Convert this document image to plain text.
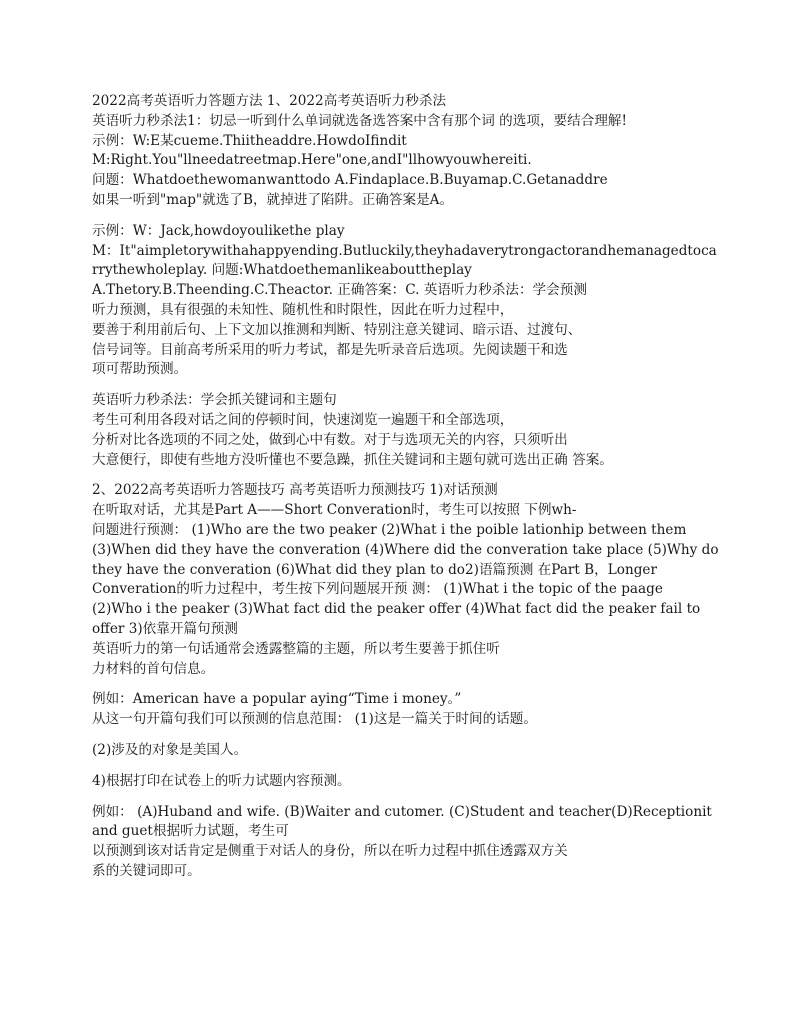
2022高考英语听力答题方法 1、2022高考英语听力秒杀法
英语听力秒杀法1：切忌一听到什么单词就选备选答案中含有那个词 的选项，要结合理解!
示例：W:E某cueme.Thiitheaddre.HowdoIfindit
M:Right.You"llneedatreetmap.Here"one,andI"llhowyouwhereiti.
问题：Whatdoethewomanwanttodo A.Findaplace.B.Buyamap.C.Getanaddre
如果一听到"map"就选了B，就掉进了陷阱。正确答案是A。
示例：W：Jack,howdoyoulikethe play
M：It"aimpletorywithahappyending.Butluckily,theyhadaverytrongactorandhemanagedtoca
rrythewholeplay. 问题:Whatdoethemanlikeabouttheplay
A.Thetory.B.Theending.C.Theactor. 正确答案：C. 英语听力秒杀法：学会预测
听力预测，具有很强的未知性、随机性和时限性，因此在听力过程中，
要善于利用前后句、上下文加以推测和判断、特别注意关键词、暗示语、过渡句、
信号词等。目前高考所采用的听力考试，都是先听录音后选项。先阅读题干和选
项可帮助预测。
英语听力秒杀法：学会抓关键词和主题句
考生可利用各段对话之间的停顿时间，快速浏览一遍题干和全部选项，
分析对比各选项的不同之处，做到心中有数。对于与选项无关的内容，只须听出
大意便行，即使有些地方没听懂也不要急躁，抓住关键词和主题句就可选出正确 答案。
2、2022高考英语听力答题技巧 高考英语听力预测技巧 1)对话预测
在听取对话，尤其是Part A——Short Converation时，考生可以按照 下例wh-
问题进行预测： (1)Who are the two peaker (2)What i the poible lationhip between them
(3)When did they have the converation (4)Where did the converation take place (5)Why do
they have the converation (6)What did they plan to do2)语篇预测 在Part B，Longer
Converation的听力过程中，考生按下列问题展开预 测： (1)What i the topic of the paage
(2)Who i the peaker (3)What fact did the peaker offer (4)What fact did the peaker fail to
offer 3)依靠开篇句预测
英语听力的第一句话通常会透露整篇的主题，所以考生要善于抓住听
力材料的首句信息。
例如：American have a popular aying“Time i money。”
从这一句开篇句我们可以预测的信息范围： (1)这是一篇关于时间的话题。
(2)涉及的对象是美国人。
4)根据打印在试卷上的听力试题内容预测。
例如： (A)Huband and wife. (B)Waiter and cutomer. (C)Student and teacher(D)Receptionit
and guet根据听力试题，考生可
以预测到该对话肯定是侧重于对话人的身份，所以在听力过程中抓住透露双方关
系的关键词即可。
